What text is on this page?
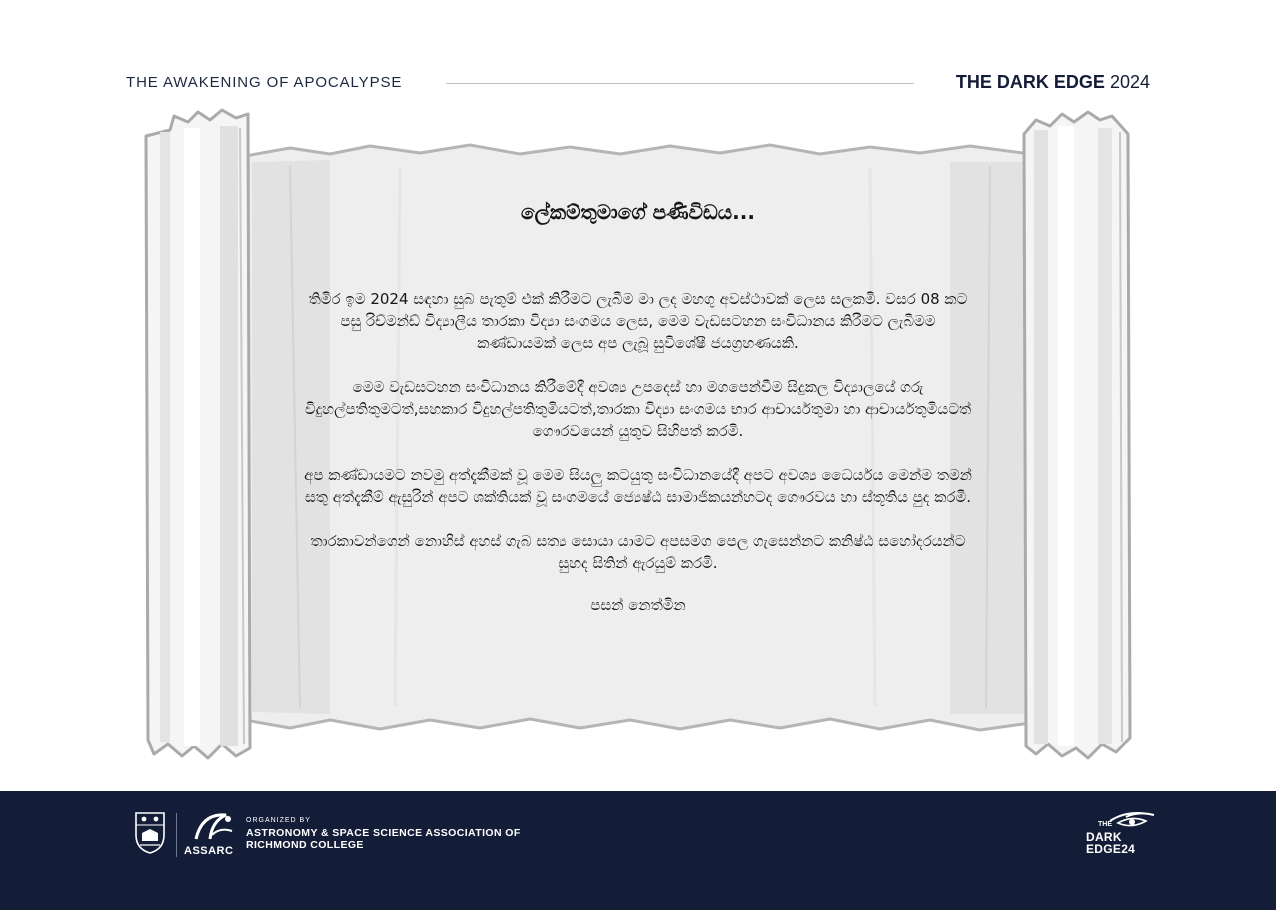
THE AWAKENING OF APOCALYPSE	THE DARK EDGE 2024
ලේකම්තුමාගේ පණිවිඩය...

තිමිර ඉම 2024 සඳහා සුබ පැතුම් එක් කිරීමට ලැබීම මා ලද මහගු අවස්ථාවක් ලෙස සලකමි. වසර 08 කට පසු රිච්මන්ඩ් විද්‍යාලීය තාරකා විද්‍යා සංගමය ලෙස, මෙම වැඩසටහන සංවිධානය කිරීමට ලැබීමම කණ්ඩායමක් ලෙස අප ලැබූ සුවිශේෂී ජයග්‍රහණයකි.

මෙම වැඩසටහන සංවිධානය කිරීමේදී අවශ්‍ය උපදෙස් හා මගපෙන්වීම සිදුකල විද්‍යාලයේ ගරු විදුහල්පතිතුමටත්,සහකාර විදුහල්පතිතුමියටත්,තාරකා විද්‍යා සංගමය භාර ආචාර්යතුමා හා ආචාර්යතුමියටත් ගෞරවයෙන් යුතුව සිහිපත් කරමි.

අප කණ්ඩායමට නවමු අත්දැකීමක් වූ මෙම සියලු කටයුතු සංවිධානයේදී අපට අවශ්‍ය ධෛර්යය මෙන්ම තමන් සතු අත්දැකීම් ඇසුරින් අපට ශක්තියක් වූ සංගමයේ ජ්‍යෙෂ්ඨ සාමාජිකයන්හටද ගෞරවය හා ස්තූතිය පුද කරමි.

තාරකාවන්ගෙන් නොහිස් අහස් ගැබ සත්‍ය සොයා යාමට අපසමග පෙල ගැසෙන්නට කනිෂ්ඨ සහෝදරයන්ට සුහද සිතින් ඇරයුම් කරමි.

පසන් නෙත්මින
ASSARC
ORGANIZED BY
ASTRONOMY & SPACE SCIENCE ASSOCIATION OF
RICHMOND COLLEGE
THE
DARK
EDGE24
